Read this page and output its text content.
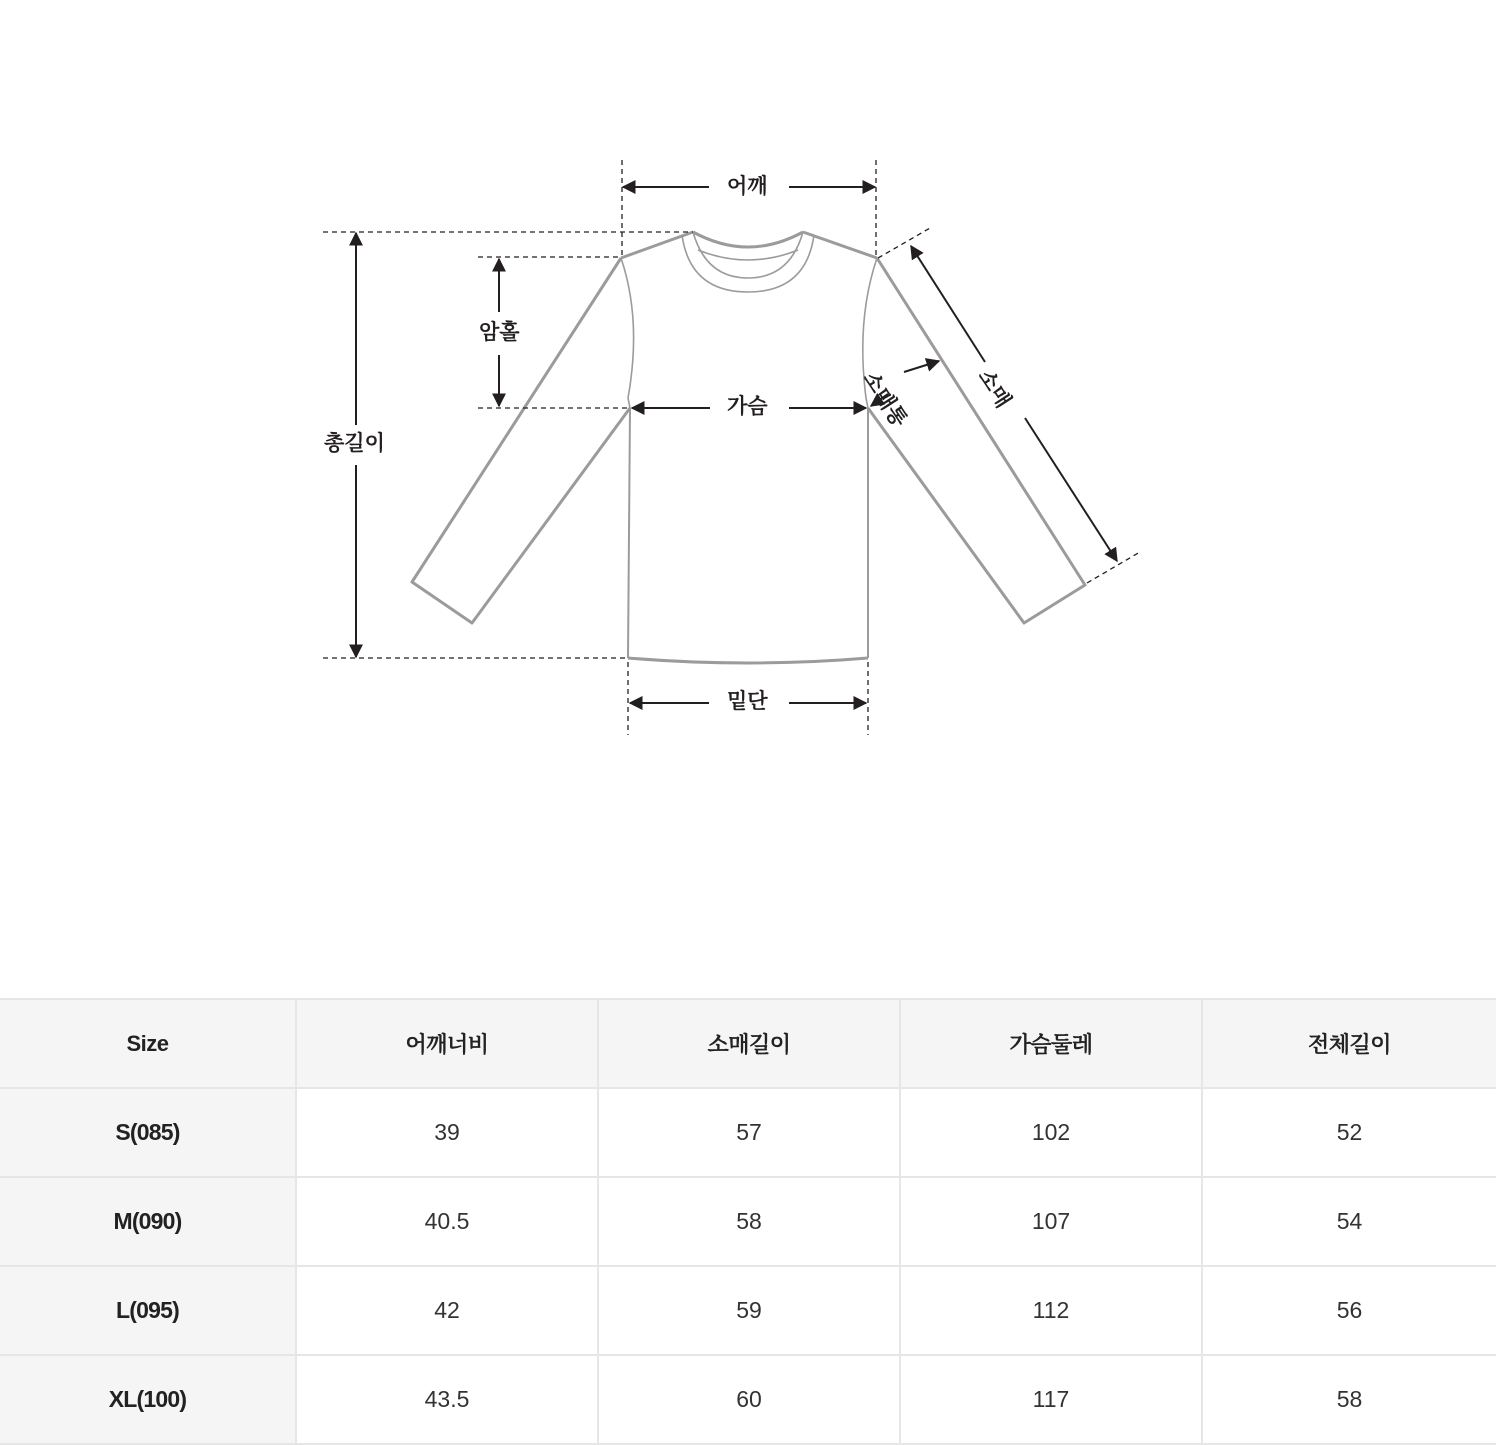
어깨
암홀
총길이
가슴	소매통	소매
밑단
Size	어깨너비	소매길이	가슴둘레	전체길이
S(085)	39	57	102	52
M(090)	40.5	58	107	54
L(095)	42	59	112	56
XL(100)	43.5	60	117	58
